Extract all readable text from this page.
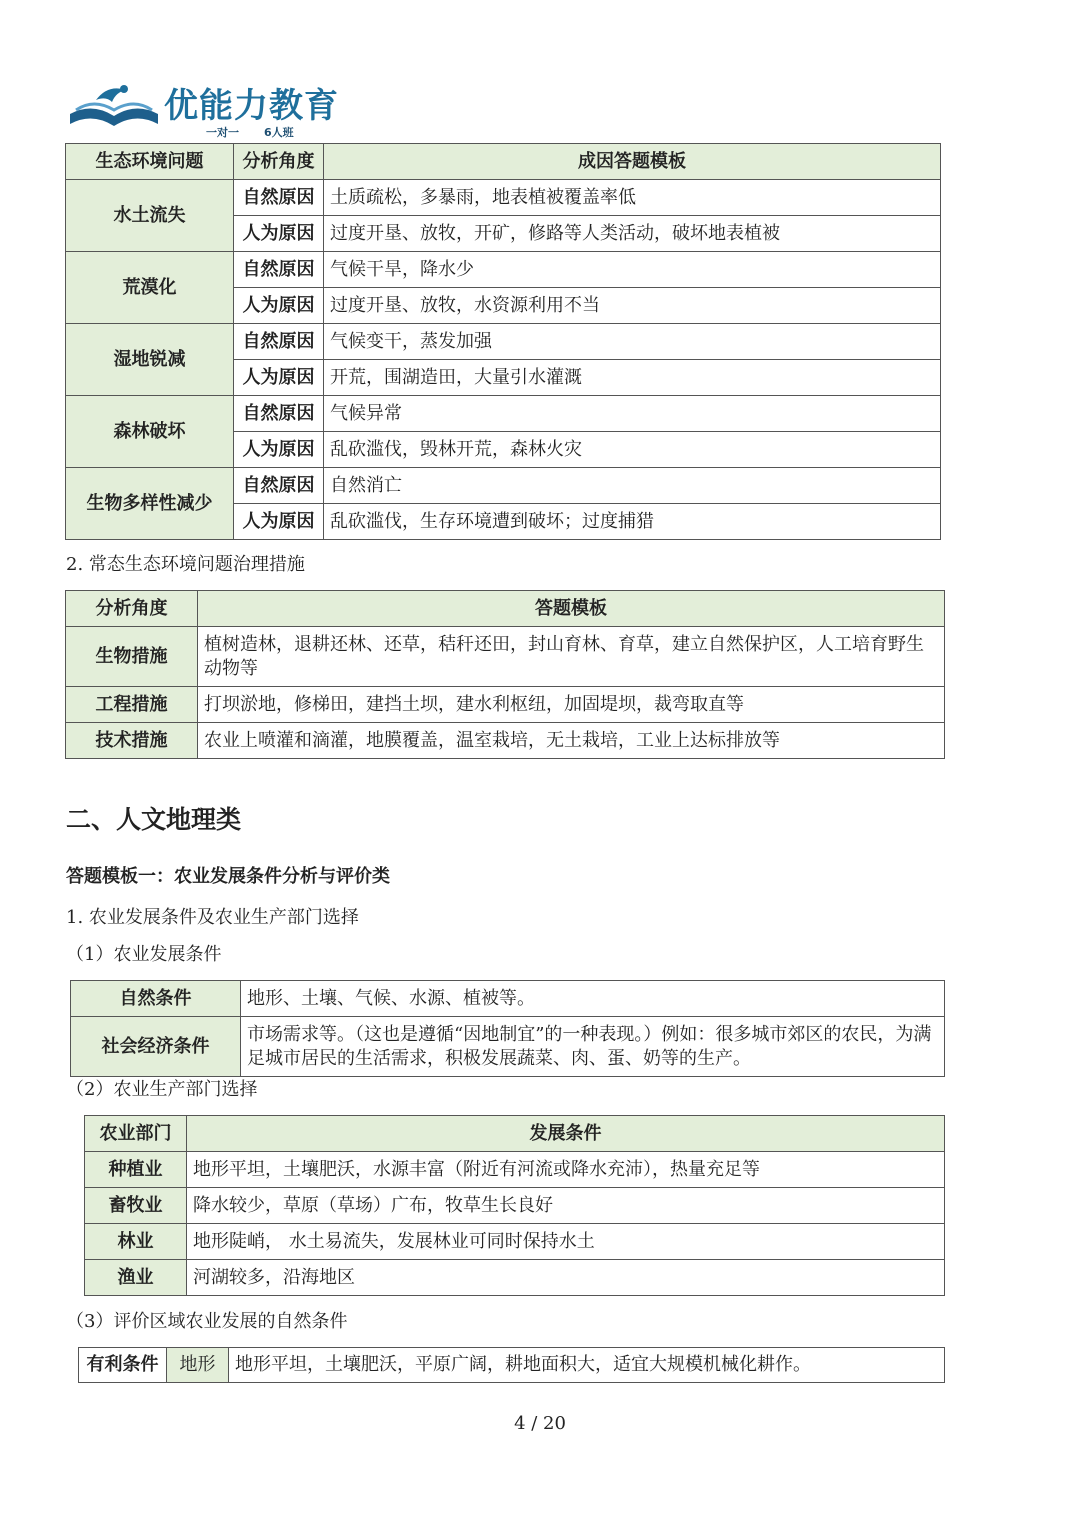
优能力教育
一对一 6人班
生态环境问题	分析角度	成因答题模板
水土流失	自然原因	土质疏松，多暴雨，地表植被覆盖率低
	人为原因	过度开垦、放牧，开矿，修路等人类活动，破坏地表植被
荒漠化	自然原因	气候干旱，降水少
	人为原因	过度开垦、放牧，水资源利用不当
湿地锐减	自然原因	气候变干，蒸发加强
	人为原因	开荒，围湖造田，大量引水灌溉
森林破坏	自然原因	气候异常
	人为原因	乱砍滥伐，毁林开荒，森林火灾
生物多样性减少	自然原因	自然消亡
	人为原因	乱砍滥伐，生存环境遭到破坏；过度捕猎
2. 常态生态环境问题治理措施
分析角度	答题模板
生物措施	植树造林，退耕还林、还草，秸秆还田，封山育林、育草，建立自然保护区，人工培育野生动物等
工程措施	打坝淤地，修梯田，建挡土坝，建水利枢纽，加固堤坝，裁弯取直等
技术措施	农业上喷灌和滴灌，地膜覆盖，温室栽培，无土栽培，工业上达标排放等
二、人文地理类
答题模板一：农业发展条件分析与评价类
1. 农业发展条件及农业生产部门选择
（1）农业发展条件
自然条件	地形、土壤、气候、水源、植被等。
社会经济条件	市场需求等。（这也是遵循“因地制宜”的一种表现。）例如：很多城市郊区的农民，为满足城市居民的生活需求，积极发展蔬菜、肉、蛋、奶等的生产。
（2）农业生产部门选择
农业部门	发展条件
种植业	地形平坦，土壤肥沃，水源丰富（附近有河流或降水充沛），热量充足等
畜牧业	降水较少，草原（草场）广布，牧草生长良好
林业	地形陡峭， 水土易流失，发展林业可同时保持水土
渔业	河湖较多，沿海地区
（3）评价区域农业发展的自然条件
有利条件	地形	地形平坦，土壤肥沃，平原广阔，耕地面积大，适宜大规模机械化耕作。
4 / 20
